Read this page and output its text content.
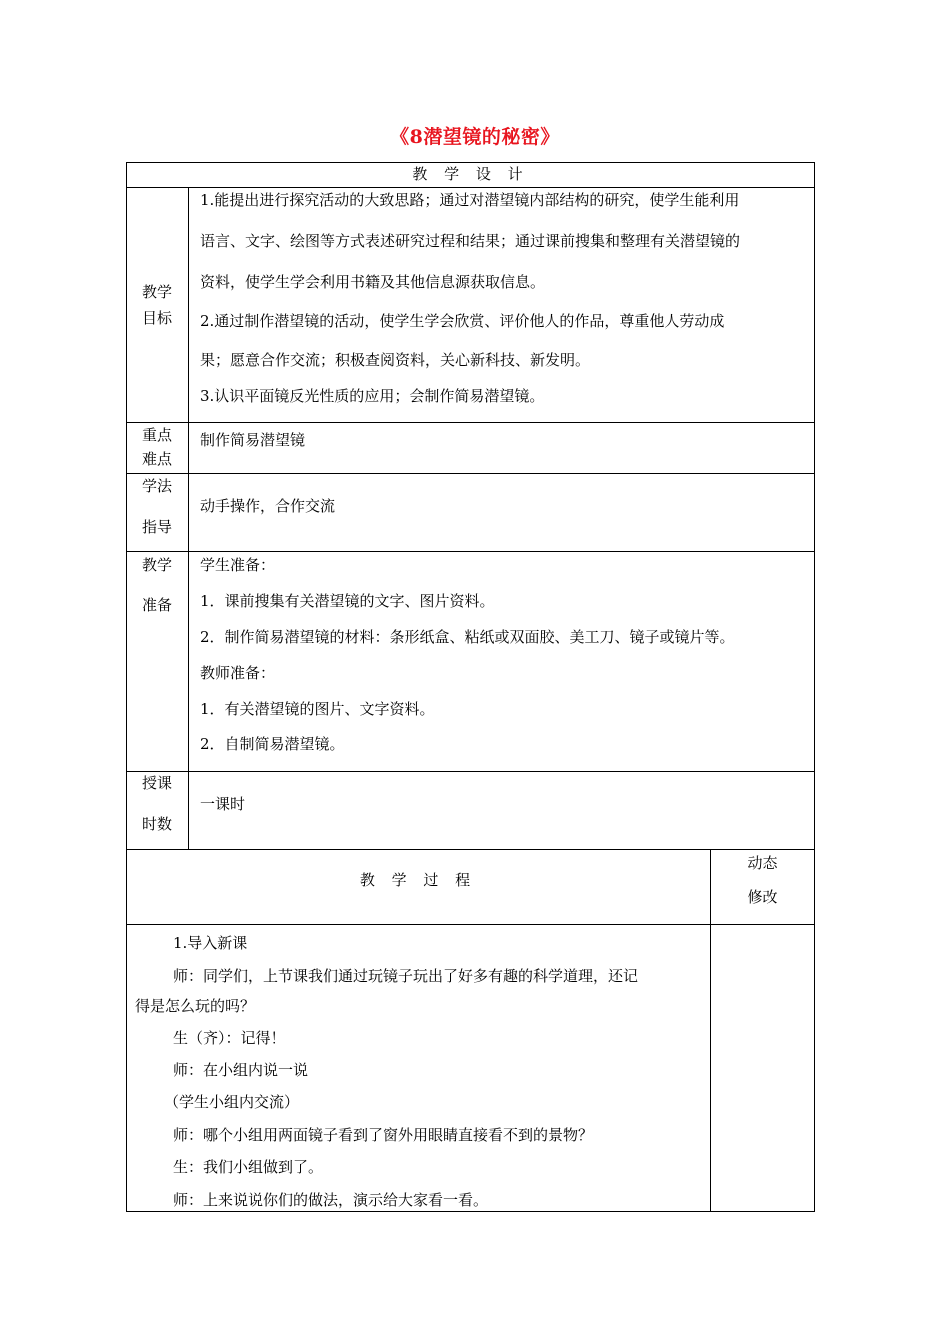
《8潜望镜的秘密》
教 学 设 计
教学
目标
1.能提出进行探究活动的大致思路；通过对潜望镜内部结构的研究，使学生能利用
语言、文字、绘图等方式表述研究过程和结果；通过课前搜集和整理有关潜望镜的
资料，使学生学会利用书籍及其他信息源获取信息。
2.通过制作潜望镜的活动，使学生学会欣赏、评价他人的作品，尊重他人劳动成
果；愿意合作交流；积极查阅资料，关心新科技、新发明。
3.认识平面镜反光性质的应用；会制作简易潜望镜。
重点
难点
制作简易潜望镜
学法
指导
动手操作，合作交流
教学
准备
学生准备：
1．课前搜集有关潜望镜的文字、图片资料。
2．制作简易潜望镜的材料：条形纸盒、粘纸或双面胶、美工刀、镜子或镜片等。
教师准备：
1．有关潜望镜的图片、文字资料。
2．自制简易潜望镜。
授课
时数
一课时
教 学 过 程
动态
修改
1.导入新课
师：同学们，上节课我们通过玩镜子玩出了好多有趣的科学道理，还记
得是怎么玩的吗？
生（齐）：记得！
师：在小组内说一说
（学生小组内交流）
师：哪个小组用两面镜子看到了窗外用眼睛直接看不到的景物？
生：我们小组做到了。
师：上来说说你们的做法，演示给大家看一看。
